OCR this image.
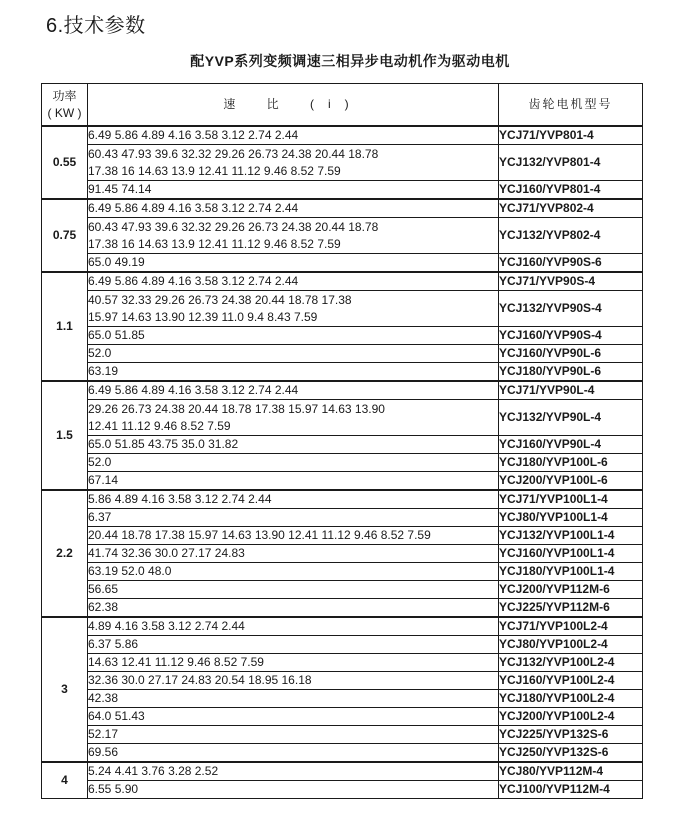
6.技术参数
配YVP系列变频调速三相异步电动机作为驱动电机
功率
( KW )	速 比 (i)	齿轮电机型号
0.55	6.49 5.86 4.89 4.16 3.58 3.12 2.74 2.44	YCJ71/YVP801-4

	60.43 47.93 39.6 32.32 29.26 26.73 24.38 20.44 18.78
17.38 16 14.63 13.9 12.41 11.12 9.46 8.52 7.59	YCJ132/YVP801-4

	91.45 74.14	YCJ160/YVP801-4
0.75	6.49 5.86 4.89 4.16 3.58 3.12 2.74 2.44	YCJ71/YVP802-4

	60.43 47.93 39.6 32.32 29.26 26.73 24.38 20.44 18.78
17.38 16 14.63 13.9 12.41 11.12 9.46 8.52 7.59	YCJ132/YVP802-4

	65.0 49.19	YCJ160/YVP90S-6
1.1	6.49 5.86 4.89 4.16 3.58 3.12 2.74 2.44	YCJ71/YVP90S-4

	40.57 32.33 29.26 26.73 24.38 20.44 18.78 17.38
15.97 14.63 13.90 12.39 11.0 9.4 8.43 7.59	YCJ132/YVP90S-4

	65.0 51.85	YCJ160/YVP90S-4

	52.0	YCJ160/YVP90L-6

	63.19	YCJ180/YVP90L-6
1.5	6.49 5.86 4.89 4.16 3.58 3.12 2.74 2.44	YCJ71/YVP90L-4

	29.26 26.73 24.38 20.44 18.78 17.38 15.97 14.63 13.90
12.41 11.12 9.46 8.52 7.59	YCJ132/YVP90L-4

	65.0 51.85 43.75 35.0 31.82	YCJ160/YVP90L-4

	52.0	YCJ180/YVP100L-6

	67.14	YCJ200/YVP100L-6
2.2	5.86 4.89 4.16 3.58 3.12 2.74 2.44	YCJ71/YVP100L1-4

	6.37	YCJ80/YVP100L1-4

	20.44 18.78 17.38 15.97 14.63 13.90 12.41 11.12 9.46 8.52 7.59	YCJ132/YVP100L1-4

	41.74 32.36 30.0 27.17 24.83	YCJ160/YVP100L1-4

	63.19 52.0 48.0	YCJ180/YVP100L1-4

	56.65	YCJ200/YVP112M-6

	62.38	YCJ225/YVP112M-6
3	4.89 4.16 3.58 3.12 2.74 2.44	YCJ71/YVP100L2-4

	6.37 5.86	YCJ80/YVP100L2-4

	14.63 12.41 11.12 9.46 8.52 7.59	YCJ132/YVP100L2-4

	32.36 30.0 27.17 24.83 20.54 18.95 16.18	YCJ160/YVP100L2-4

	42.38	YCJ180/YVP100L2-4

	64.0 51.43	YCJ200/YVP100L2-4

	52.17	YCJ225/YVP132S-6

	69.56	YCJ250/YVP132S-6
4	5.24 4.41 3.76 3.28 2.52	YCJ80/YVP112M-4

	6.55 5.90	YCJ100/YVP112M-4
